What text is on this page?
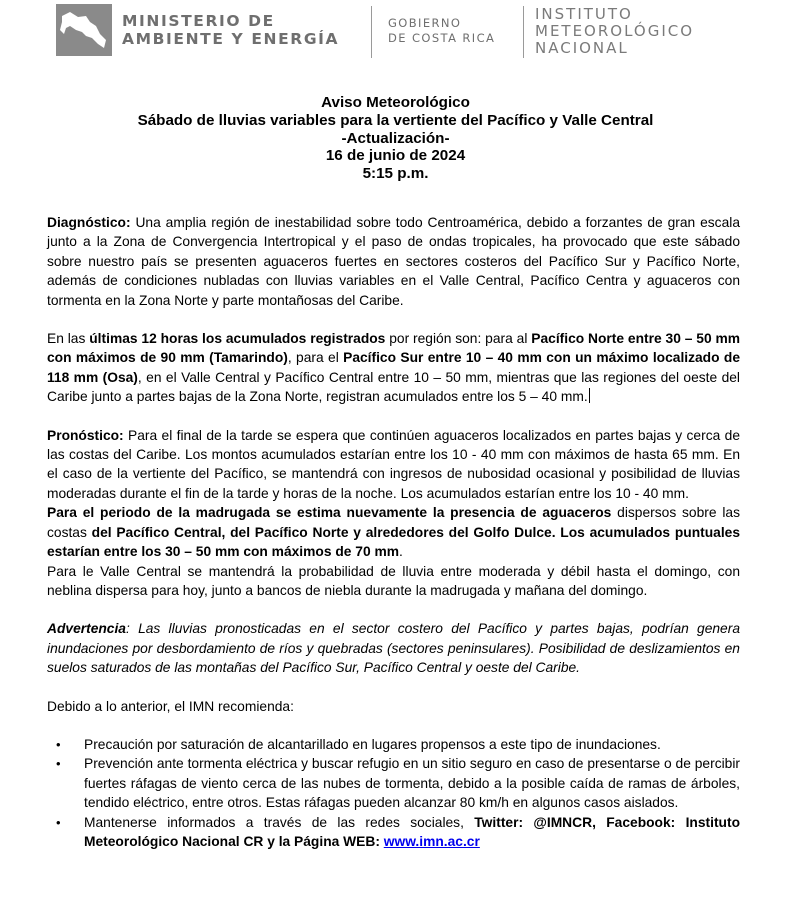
MINISTERIO DE
AMBIENTE Y ENERGÍA
GOBIERNO
DE COSTA RICA
INSTITUTO
METEOROLÓGICO
NACIONAL
Aviso Meteorológico
Sábado de lluvias variables para la vertiente del Pacífico y Valle Central
-Actualización-
16 de junio de 2024
5:15 p.m.

Diagnóstico: Una amplia región de inestabilidad sobre todo Centroamérica, debido a forzantes de gran escala junto a la Zona de Convergencia Intertropical y el paso de ondas tropicales, ha provocado que este sábado sobre nuestro país se presenten aguaceros fuertes en sectores costeros del Pacífico Sur y Pacífico Norte, además de condiciones nubladas con lluvias variables en el Valle Central, Pacífico Centra y aguaceros con tormenta en la Zona Norte y parte montañosas del Caribe.

En las últimas 12 horas los acumulados registrados por región son: para al Pacífico Norte entre 30 – 50 mm con máximos de 90 mm (Tamarindo), para el Pacífico Sur entre 10 – 40 mm con un máximo localizado de 118 mm (Osa), en el Valle Central y Pacífico Central entre 10 – 50 mm, mientras que las regiones del oeste del Caribe junto a partes bajas de la Zona Norte, registran acumulados entre los 5 – 40 mm.

Pronóstico: Para el final de la tarde se espera que continúen aguaceros localizados en partes bajas y cerca de las costas del Caribe. Los montos acumulados estarían entre los 10 - 40 mm con máximos de hasta 65 mm. En el caso de la vertiente del Pacífico, se mantendrá con ingresos de nubosidad ocasional y posibilidad de lluvias moderadas durante el fin de la tarde y horas de la noche. Los acumulados estarían entre los 10 - 40 mm.

Para el periodo de la madrugada se estima nuevamente la presencia de aguaceros dispersos sobre las costas del Pacífico Central, del Pacífico Norte y alrededores del Golfo Dulce. Los acumulados puntuales estarían entre los 30 – 50 mm con máximos de 70 mm.

Para le Valle Central se mantendrá la probabilidad de lluvia entre moderada y débil hasta el domingo, con neblina dispersa para hoy, junto a bancos de niebla durante la madrugada y mañana del domingo.

Advertencia: Las lluvias pronosticadas en el sector costero del Pacífico y partes bajas, podrían genera inundaciones por desbordamiento de ríos y quebradas (sectores peninsulares). Posibilidad de deslizamientos en suelos saturados de las montañas del Pacífico Sur, Pacífico Central y oeste del Caribe.

Debido a lo anterior, el IMN recomienda:

• Precaución por saturación de alcantarillado en lugares propensos a este tipo de inundaciones.
• Prevención ante tormenta eléctrica y buscar refugio en un sitio seguro en caso de presentarse o de percibir fuertes ráfagas de viento cerca de las nubes de tormenta, debido a la posible caída de ramas de árboles, tendido eléctrico, entre otros. Estas ráfagas pueden alcanzar 80 km/h en algunos casos aislados.
• Mantenerse informados a través de las redes sociales, Twitter: @IMNCR, Facebook: Instituto Meteorológico Nacional CR y la Página WEB: www.imn.ac.cr
